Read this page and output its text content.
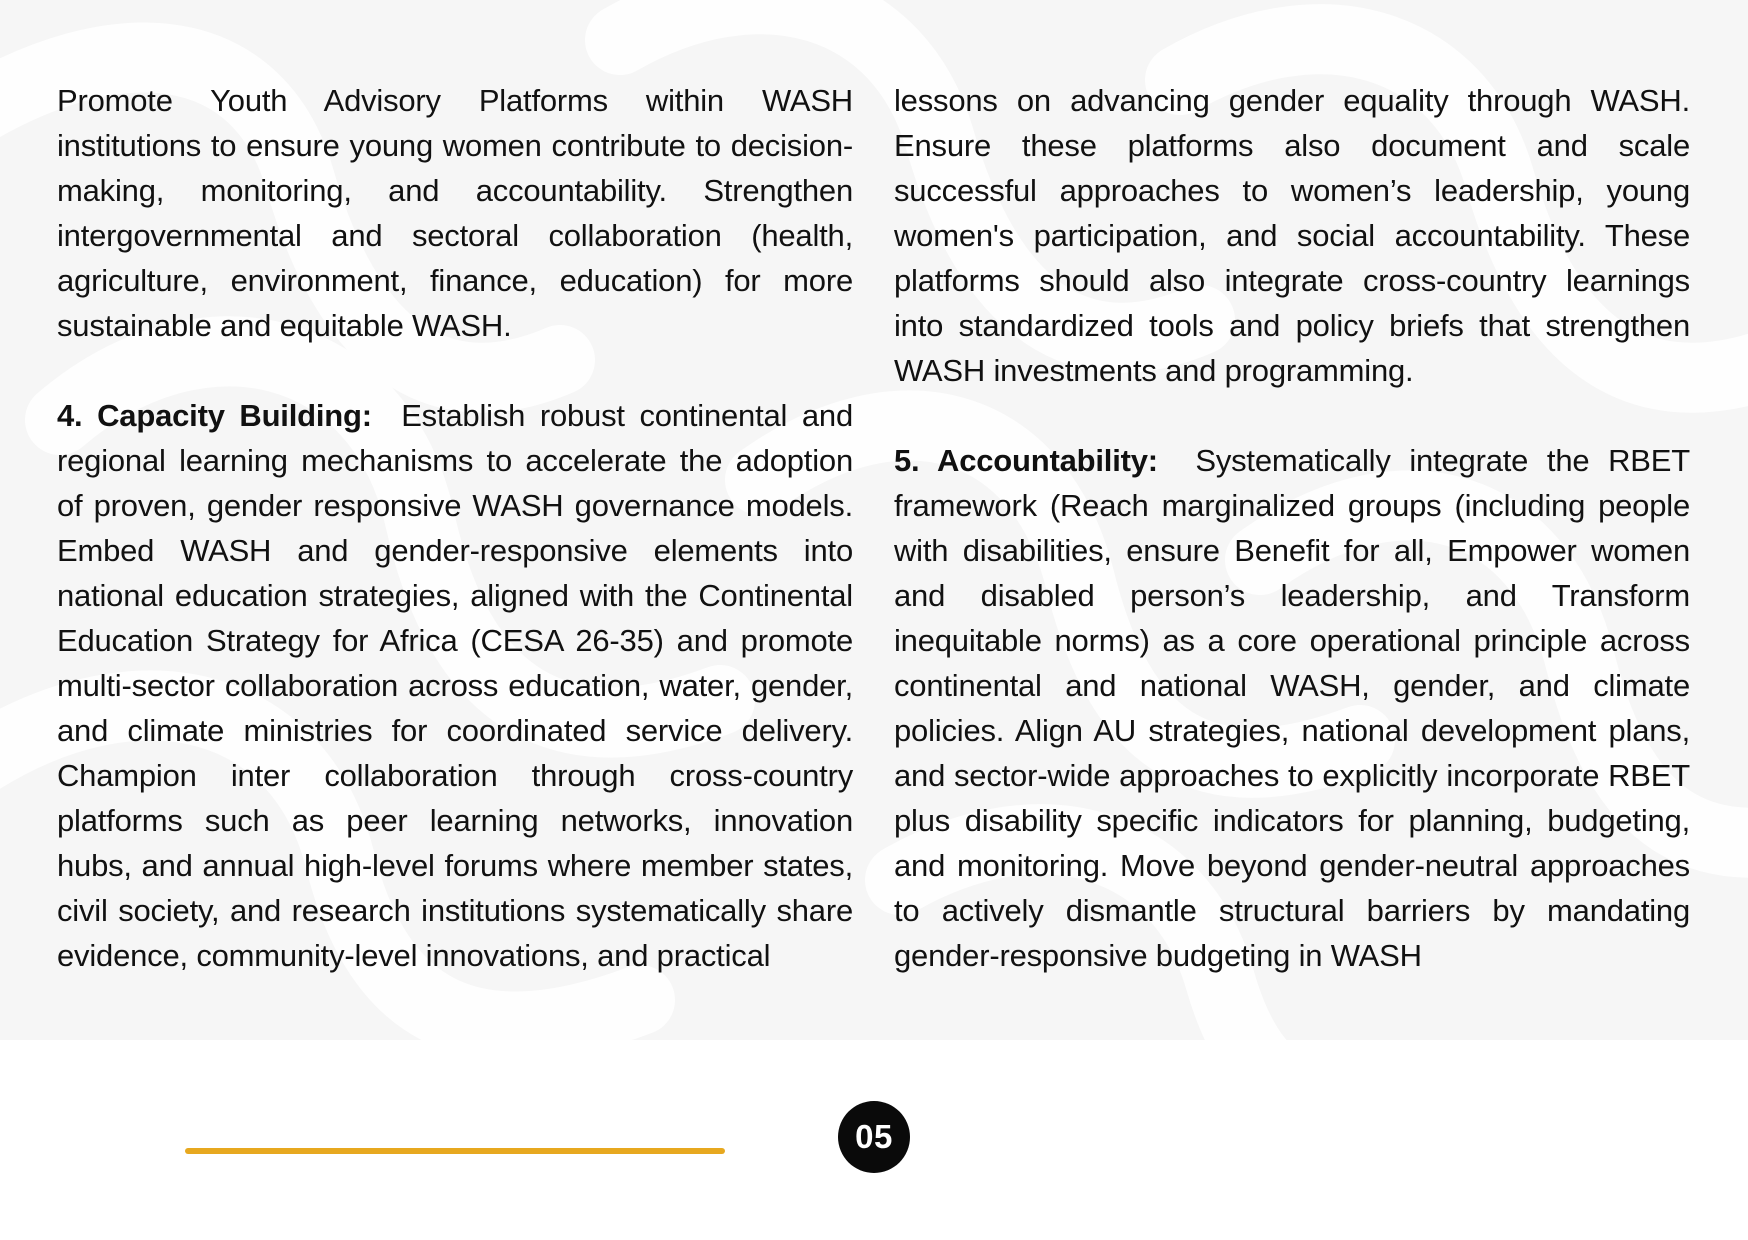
Promote Youth Advisory Platforms within WASH institutions to ensure young women contribute to decision-making, monitoring, and accountability. Strengthen intergovernmental and sectoral collaboration (health, agriculture, environment, finance, education) for more sustainable and equitable WASH.

4. Capacity Building: Establish robust continental and regional learning mechanisms to accelerate the adoption of proven, gender responsive WASH governance models. Embed WASH and gender-responsive elements into national education strategies, aligned with the Continental Education Strategy for Africa (CESA 26-35) and promote multi-sector collaboration across education, water, gender, and climate ministries for coordinated service delivery. Champion inter collaboration through cross-country platforms such as peer learning networks, innovation hubs, and annual high-level forums where member states, civil society, and research institutions systematically share evidence, community-level innovations, and practical

lessons on advancing gender equality through WASH. Ensure these platforms also document and scale successful approaches to women’s leadership, young women's participation, and social accountability. These platforms should also integrate cross-country learnings into standardized tools and policy briefs that strengthen WASH investments and programming.

5. Accountability: Systematically integrate the RBET framework (Reach marginalized groups (including people with disabilities, ensure Benefit for all, Empower women and disabled person’s leadership, and Transform inequitable norms) as a core operational principle across continental and national WASH, gender, and climate policies. Align AU strategies, national development plans, and sector-wide approaches to explicitly incorporate RBET plus disability specific indicators for planning, budgeting, and monitoring. Move beyond gender-neutral approaches to actively dismantle structural barriers by mandating gender-responsive budgeting in WASH

05
